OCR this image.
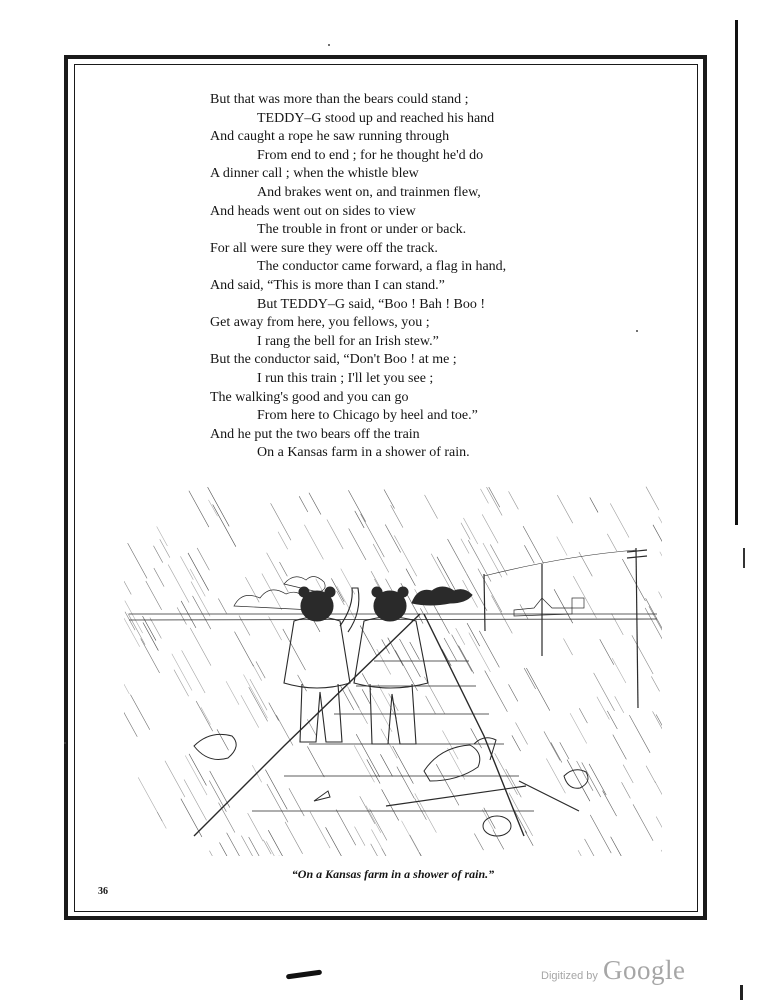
But that was more than the bears could stand ;
TEDDY–G stood up and reached his hand
And caught a rope he saw running through
From end to end ; for he thought he'd do
A dinner call ; when the whistle blew
And brakes went on, and trainmen flew,
And heads went out on sides to view
The trouble in front or under or back.
For all were sure they were off the track.
The conductor came forward, a flag in hand,
And said, “This is more than I can stand.”
But TEDDY–G said, “Boo ! Bah ! Boo !
Get away from here, you fellows, you ;
I rang the bell for an Irish stew.”
But the conductor said, “Don't Boo ! at me ;
I run this train ; I'll let you see ;
The walking's good and you can go
From here to Chicago by heel and toe.”
And he put the two bears off the train
On a Kansas farm in a shower of rain.
“On a Kansas farm in a shower of rain.”
36
Digitized by Google
